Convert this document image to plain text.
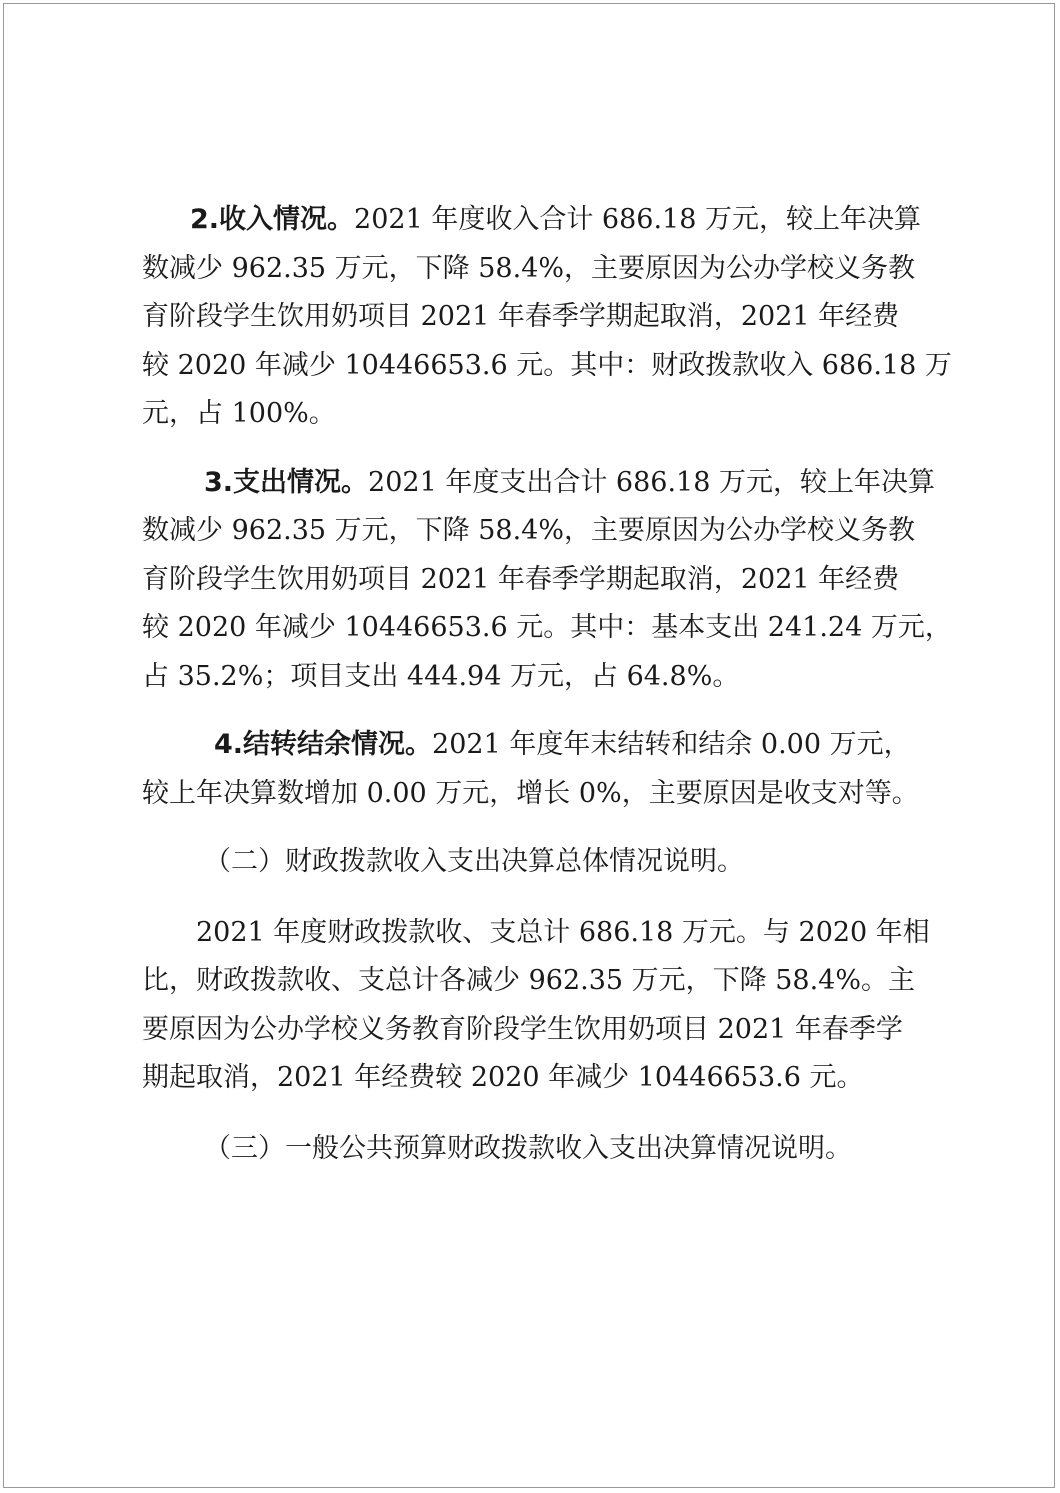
2.收入情况。2021 年度收入合计 686.18 万元，较上年决算
数减少 962.35 万元，下降 58.4%，主要原因为公办学校义务教
育阶段学生饮用奶项目 2021 年春季学期起取消，2021 年经费
较 2020 年减少 10446653.6 元。其中：财政拨款收入 686.18 万
元，占 100%。

3.支出情况。2021 年度支出合计 686.18 万元，较上年决算
数减少 962.35 万元，下降 58.4%，主要原因为公办学校义务教
育阶段学生饮用奶项目 2021 年春季学期起取消，2021 年经费
较 2020 年减少 10446653.6 元。其中：基本支出 241.24 万元，
占 35.2%；项目支出 444.94 万元，占 64.8%。

4.结转结余情况。2021 年度年末结转和结余 0.00 万元，
较上年决算数增加 0.00 万元，增长 0%，主要原因是收支对等。

（二）财政拨款收入支出决算总体情况说明。

2021 年度财政拨款收、支总计 686.18 万元。与 2020 年相
比，财政拨款收、支总计各减少 962.35 万元，下降 58.4%。主
要原因为公办学校义务教育阶段学生饮用奶项目 2021 年春季学
期起取消，2021 年经费较 2020 年减少 10446653.6 元。

（三）一般公共预算财政拨款收入支出决算情况说明。
